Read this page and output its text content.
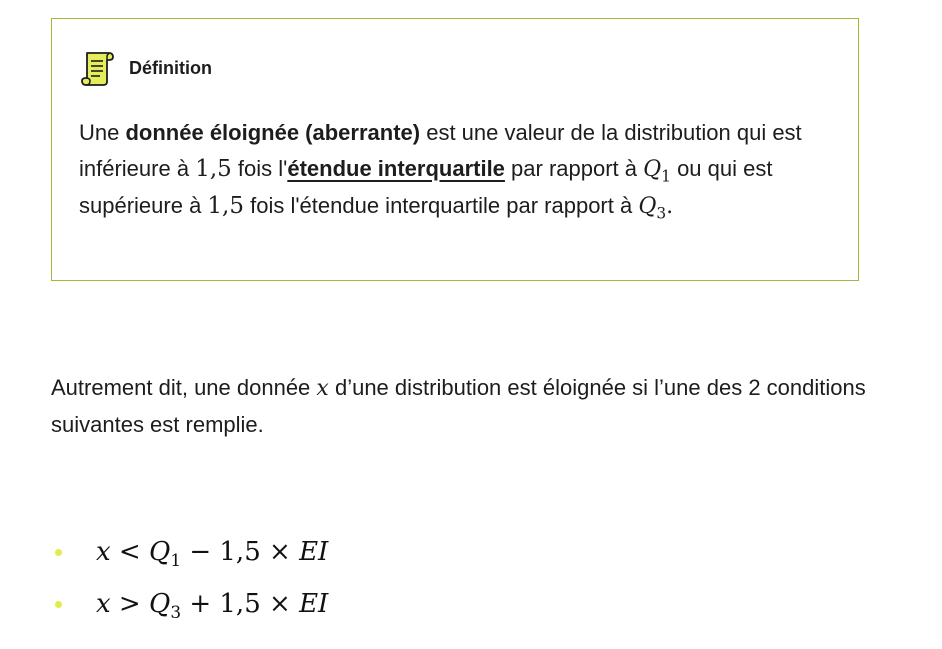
Définition
Une donnée éloignée (aberrante) est une valeur de la distribution qui est inférieure à 1,5 fois l'étendue interquartile par rapport à $Q_1$ ou qui est supérieure à 1,5 fois l'étendue interquartile par rapport à $Q_3$.

Autrement dit, une donnée x d’une distribution est éloignée si l’une des 2 conditions suivantes est remplie.

$x < Q_1 - 1,5$ × EI
$x > Q_3 + 1,5$ × EI
